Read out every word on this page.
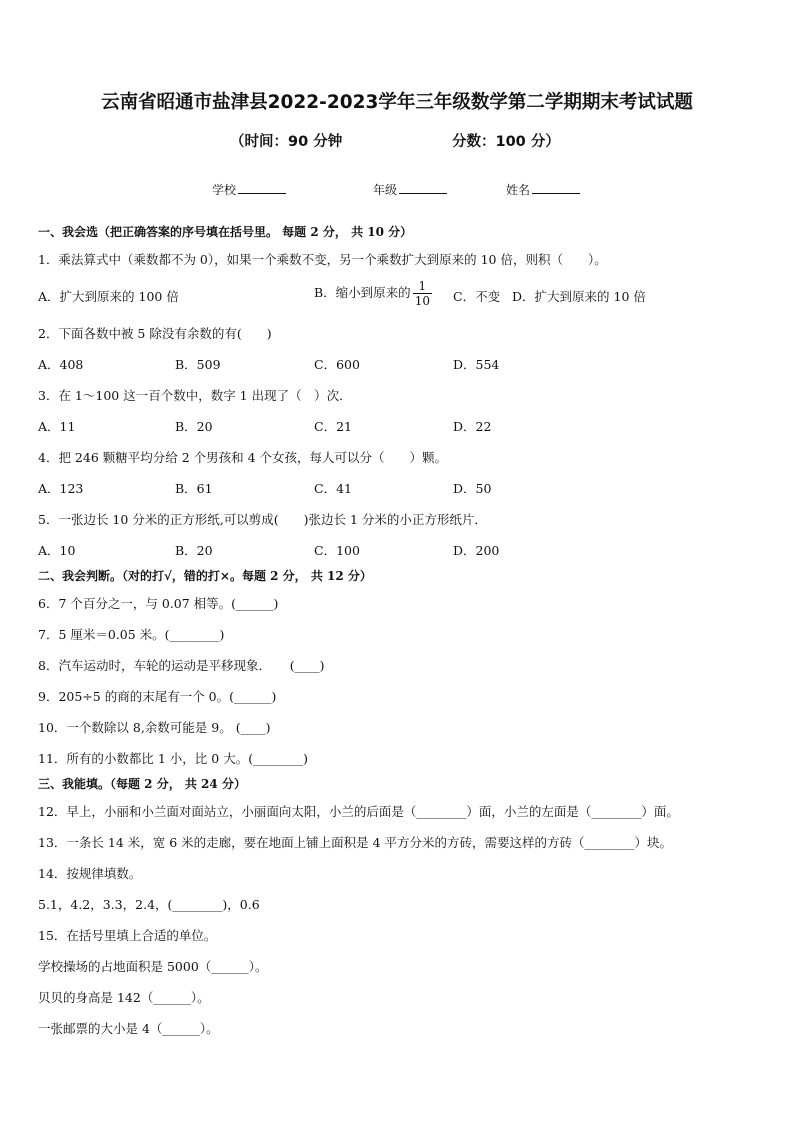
云南省昭通市盐津县2022-2023学年三年级数学第二学期期末考试试题
（时间：90 分钟	分数：100 分）
学校	年级	姓名
一、我会选（把正确答案的序号填在括号里。 每题 2 分， 共 10 分）
1．乘法算式中（乘数都不为 0），如果一个乘数不变，另一个乘数扩大到原来的 10 倍，则积（　　）。
A．扩大到原来的 100 倍	B．缩小到原来的 $\frac{1}{10}$ C．不变 D．扩大到原来的 10 倍
2．下面各数中被 5 除没有余数的有(　　)
A．408	B．509	C．600	D．554
3．在 1～100 这一百个数中，数字 1 出现了（　）次．
A．11	B．20	C．21	D．22
4．把 246 颗糖平均分给 2 个男孩和 4 个女孩，每人可以分（　　）颗。
A．123	B．61	C．41	D．50
5．一张边长 10 分米的正方形纸,可以剪成(　　)张边长 1 分米的小正方形纸片．
A．10	B．20	C．100	D．200
二、我会判断。（对的打√，错的打×。每题 2 分， 共 12 分）
6．7 个百分之一，与 0.07 相等。(______)
7．5 厘米＝0.05 米。(________)
8．汽车运动时，车轮的运动是平移现象．　　(____)
9．205÷5 的商的末尾有一个 0。(______)
10．一个数除以 8,余数可能是 9。 (____)
11．所有的小数都比 1 小，比 0 大。(________)
三、我能填。（每题 2 分， 共 24 分）
12．早上，小丽和小兰面对面站立，小丽面向太阳，小兰的后面是（________）面，小兰的左面是（________）面。
13．一条长 14 米，宽 6 米的走廊，要在地面上铺上面积是 4 平方分米的方砖，需要这样的方砖（________）块。
14．按规律填数。
5.1，4.2，3.3，2.4，(________)，0.6
15．在括号里填上合适的单位。
学校操场的占地面积是 5000（______）。
贝贝的身高是 142（______）。
一张邮票的大小是 4（______）。
